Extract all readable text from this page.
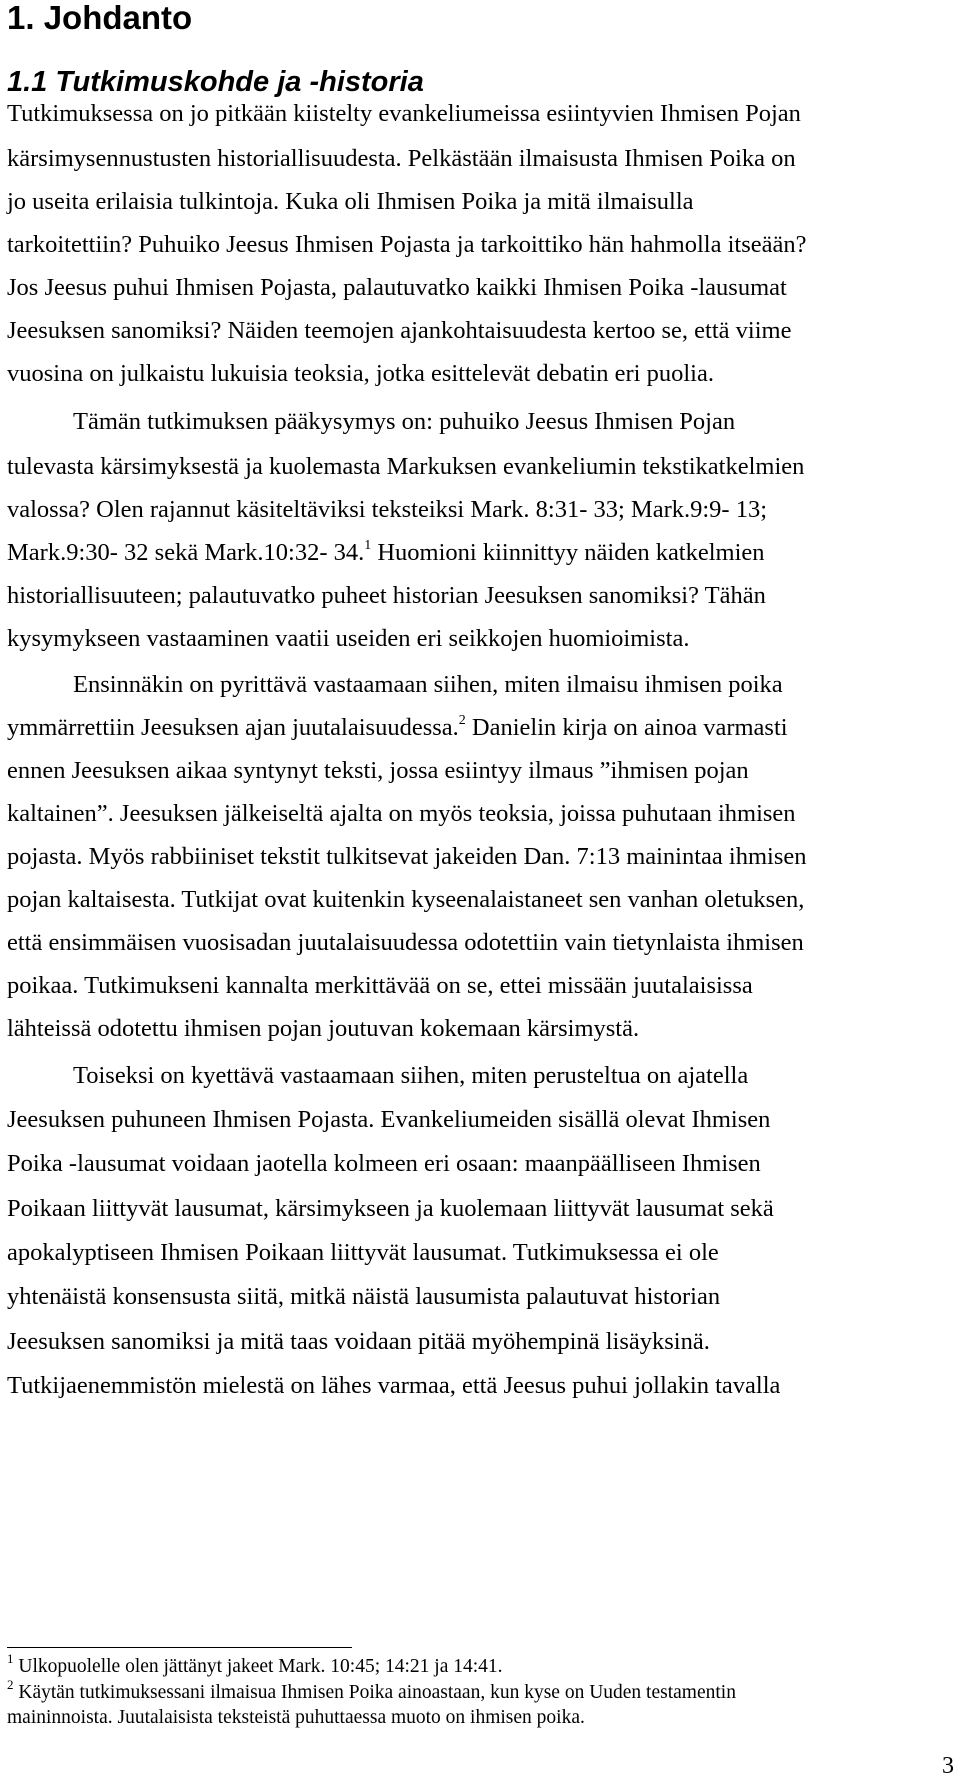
1. Johdanto
1.1 Tutkimuskohde ja -historia
Tutkimuksessa on jo pitkään kiistelty evankeliumeissa esiintyvien Ihmisen Pojan
kärsimysennustusten historiallisuudesta. Pelkästään ilmaisusta Ihmisen Poika on
jo useita erilaisia tulkintoja. Kuka oli Ihmisen Poika ja mitä ilmaisulla
tarkoitettiin? Puhuiko Jeesus Ihmisen Pojasta ja tarkoittiko hän hahmolla itseään?
Jos Jeesus puhui Ihmisen Pojasta, palautuvatko kaikki Ihmisen Poika -lausumat
Jeesuksen sanomiksi? Näiden teemojen ajankohtaisuudesta kertoo se, että viime
vuosina on julkaistu lukuisia teoksia, jotka esittelevät debatin eri puolia.
Tämän tutkimuksen pääkysymys on: puhuiko Jeesus Ihmisen Pojan
tulevasta kärsimyksestä ja kuolemasta Markuksen evankeliumin tekstikatkelmien
valossa? Olen rajannut käsiteltäviksi teksteiksi Mark. 8:31- 33; Mark.9:9- 13;
Mark.9:30- 32 sekä Mark.10:32- 34.$^1$ Huomioni kiinnittyy näiden katkelmien
historiallisuuteen; palautuvatko puheet historian Jeesuksen sanomiksi? Tähän
kysymykseen vastaaminen vaatii useiden eri seikkojen huomioimista.
Ensinnäkin on pyrittävä vastaamaan siihen, miten ilmaisu ihmisen poika
ymmärrettiin Jeesuksen ajan juutalaisuudessa.$^2$ Danielin kirja on ainoa varmasti
ennen Jeesuksen aikaa syntynyt teksti, jossa esiintyy ilmaus ”ihmisen pojan
kaltainen”. Jeesuksen jälkeiseltä ajalta on myös teoksia, joissa puhutaan ihmisen
pojasta. Myös rabbiiniset tekstit tulkitsevat jakeiden Dan. 7:13 mainintaa ihmisen
pojan kaltaisesta. Tutkijat ovat kuitenkin kyseenalaistaneet sen vanhan oletuksen,
että ensimmäisen vuosisadan juutalaisuudessa odotettiin vain tietynlaista ihmisen
poikaa. Tutkimukseni kannalta merkittävää on se, ettei missään juutalaisissa
lähteissä odotettu ihmisen pojan joutuvan kokemaan kärsimystä.
Toiseksi on kyettävä vastaamaan siihen, miten perusteltua on ajatella
Jeesuksen puhuneen Ihmisen Pojasta. Evankeliumeiden sisällä olevat Ihmisen
Poika -lausumat voidaan jaotella kolmeen eri osaan: maanpäälliseen Ihmisen
Poikaan liittyvät lausumat, kärsimykseen ja kuolemaan liittyvät lausumat sekä
apokalyptiseen Ihmisen Poikaan liittyvät lausumat. Tutkimuksessa ei ole
yhtenäistä konsensusta siitä, mitkä näistä lausumista palautuvat historian
Jeesuksen sanomiksi ja mitä taas voidaan pitää myöhempinä lisäyksinä.
Tutkijaenemmistön mielestä on lähes varmaa, että Jeesus puhui jollakin tavalla
$^1$ Ulkopuolelle olen jättänyt jakeet Mark. 10:45; 14:21 ja 14:41.
$^2$ Käytän tutkimuksessani ilmaisua Ihmisen Poika ainoastaan, kun kyse on Uuden testamentin
maininnoista. Juutalaisista teksteistä puhuttaessa muoto on ihmisen poika.
3
